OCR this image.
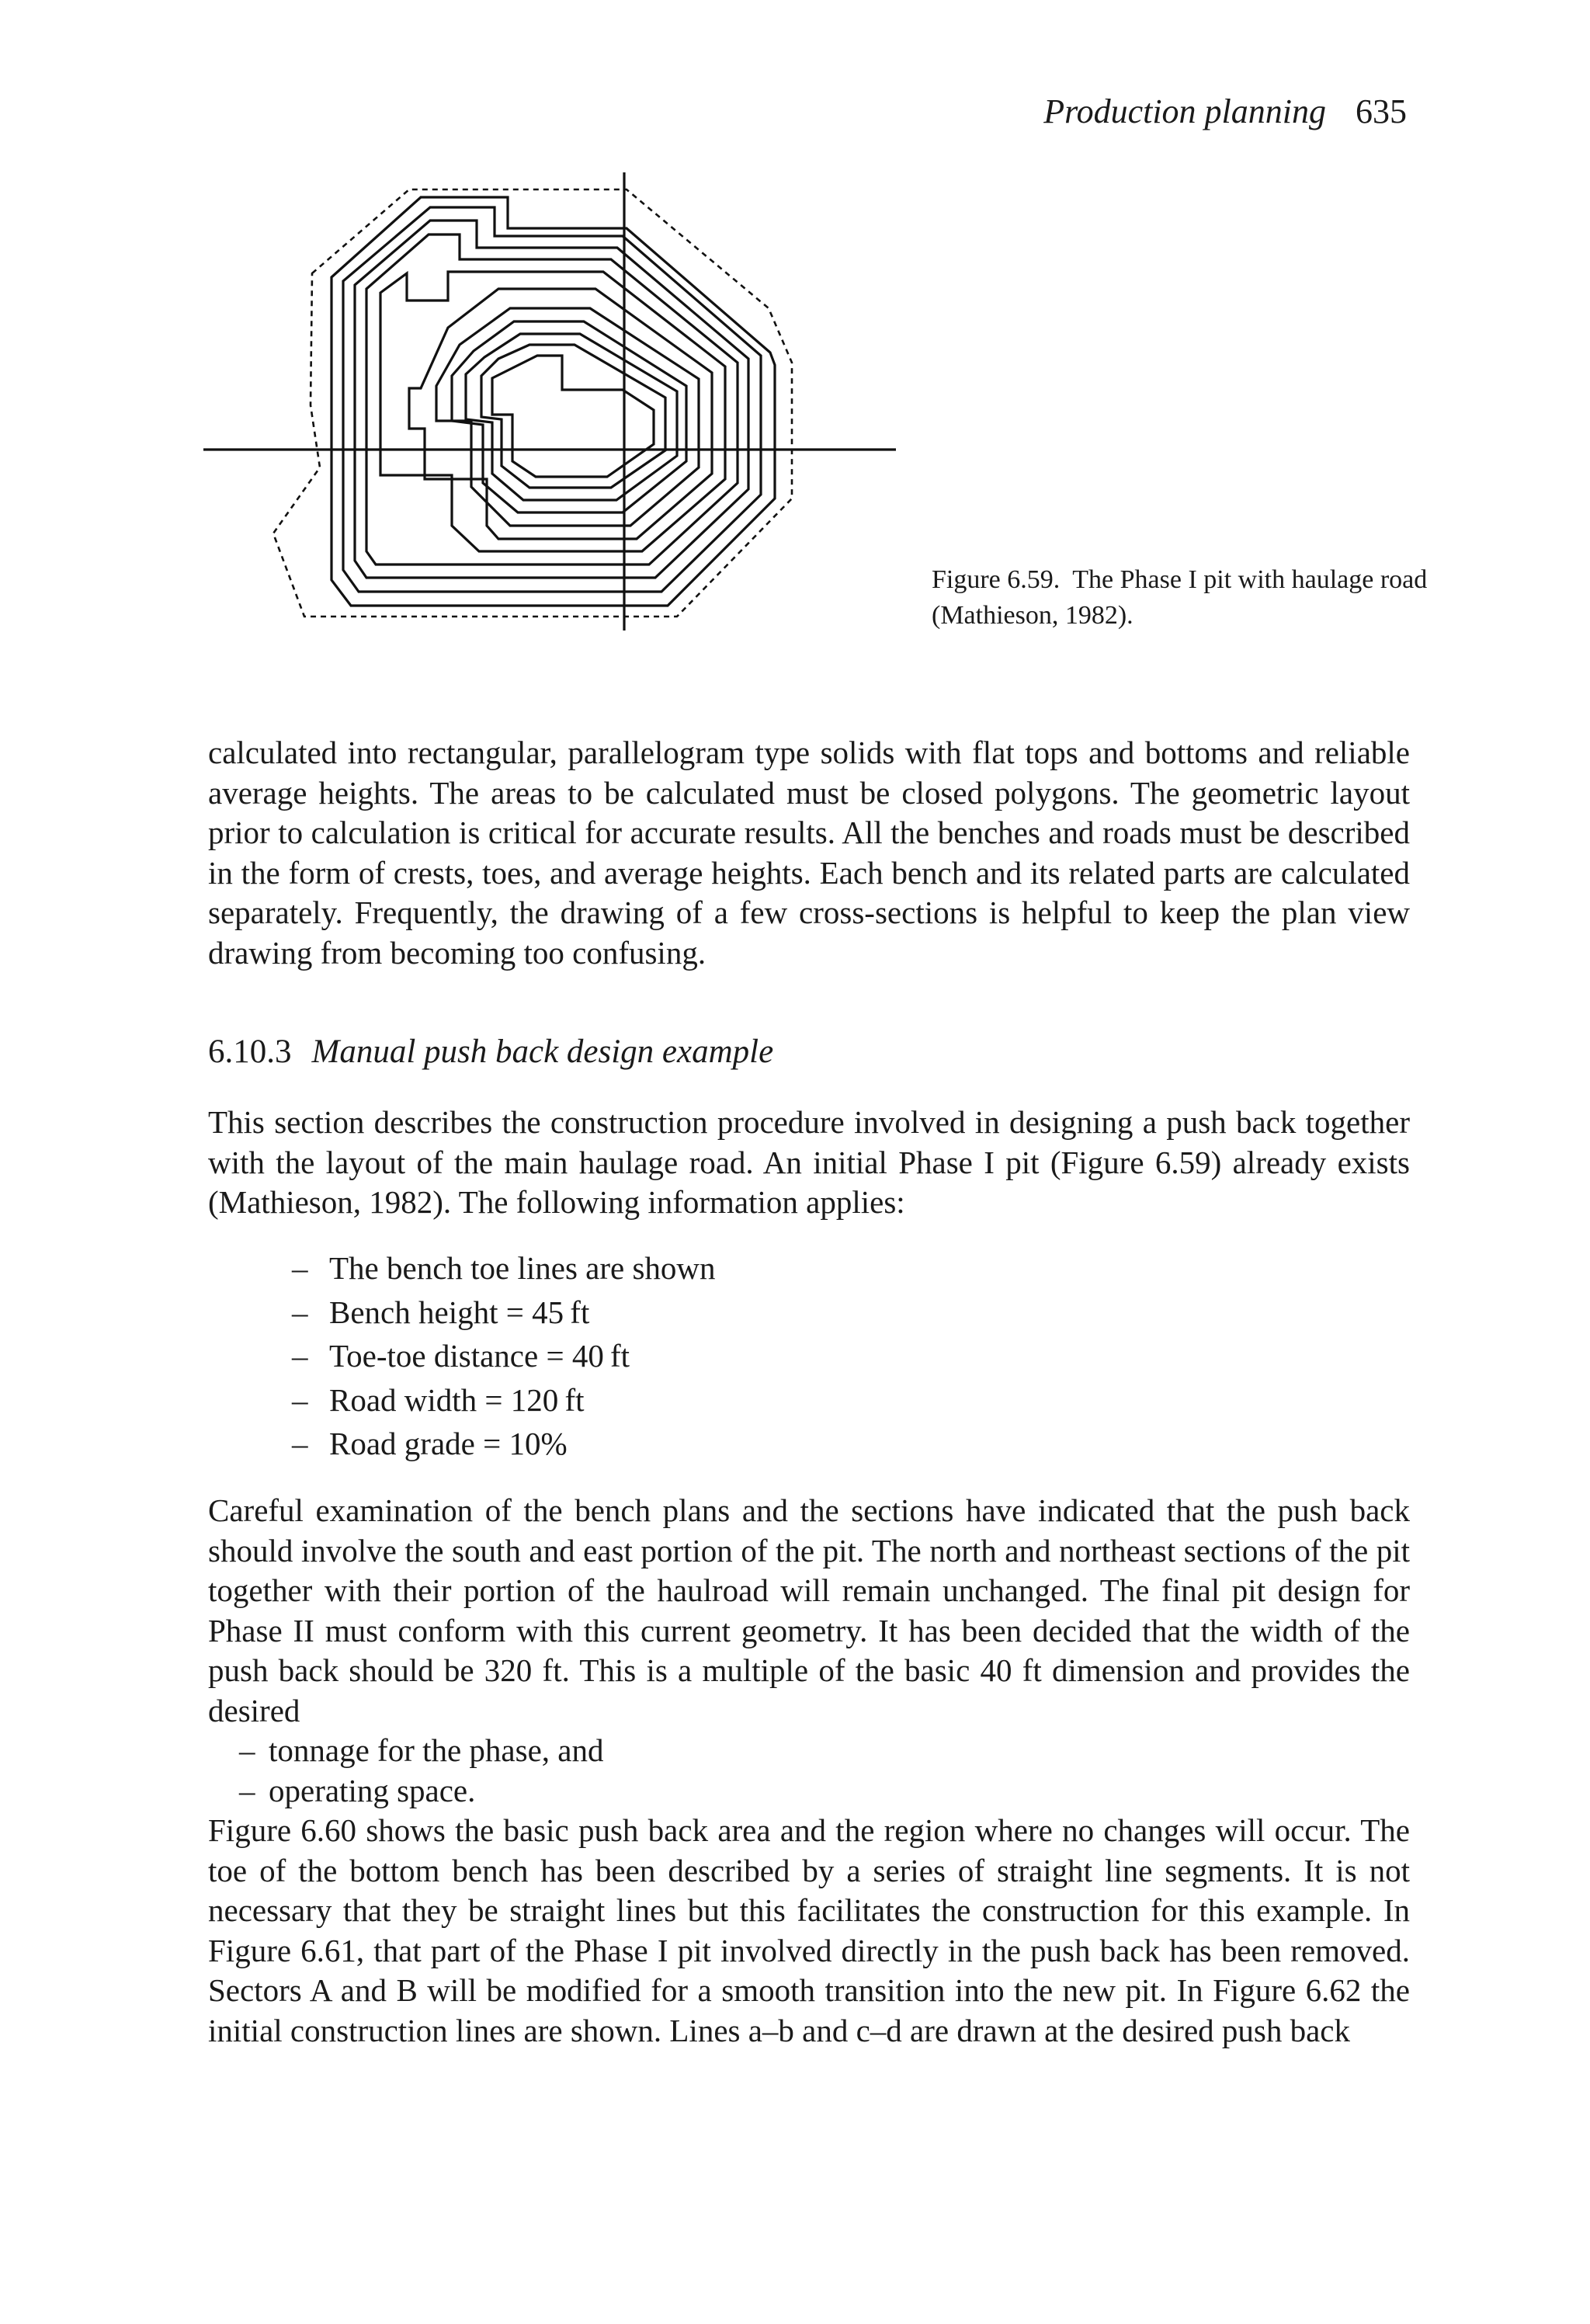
Production planning 635
Figure 6.59. The Phase I pit with haulage road (Mathieson, 1982).

calculated into rectangular, parallelogram type solids with flat tops and bottoms and reliable average heights. The areas to be calculated must be closed polygons. The geometric layout prior to calculation is critical for accurate results. All the benches and roads must be described in the form of crests, toes, and average heights. Each bench and its related parts are calculated separately. Frequently, the drawing of a few cross-sections is helpful to keep the plan view drawing from becoming too confusing.

6.10.3 Manual push back design example

This section describes the construction procedure involved in designing a push back together with the layout of the main haulage road. An initial Phase I pit (Figure 6.59) already exists (Mathieson, 1982). The following information applies:

– The bench toe lines are shown
– Bench height = 45 ft
– Toe-toe distance = 40 ft
– Road width = 120 ft
– Road grade = 10%
Careful examination of the bench plans and the sections have indicated that the push back should involve the south and east portion of the pit. The north and northeast sections of the pit together with their portion of the haulroad will remain unchanged. The final pit design for Phase II must conform with this current geometry. It has been decided that the width of the push back should be 320 ft. This is a multiple of the basic 40 ft dimension and provides the desired
– tonnage for the phase, and
– operating space.
Figure 6.60 shows the basic push back area and the region where no changes will occur. The toe of the bottom bench has been described by a series of straight line segments. It is not necessary that they be straight lines but this facilitates the construction for this example. In Figure 6.61, that part of the Phase I pit involved directly in the push back has been removed. Sectors A and B will be modified for a smooth transition into the new pit. In Figure 6.62 the initial construction lines are shown. Lines a–b and c–d are drawn at the desired push back
